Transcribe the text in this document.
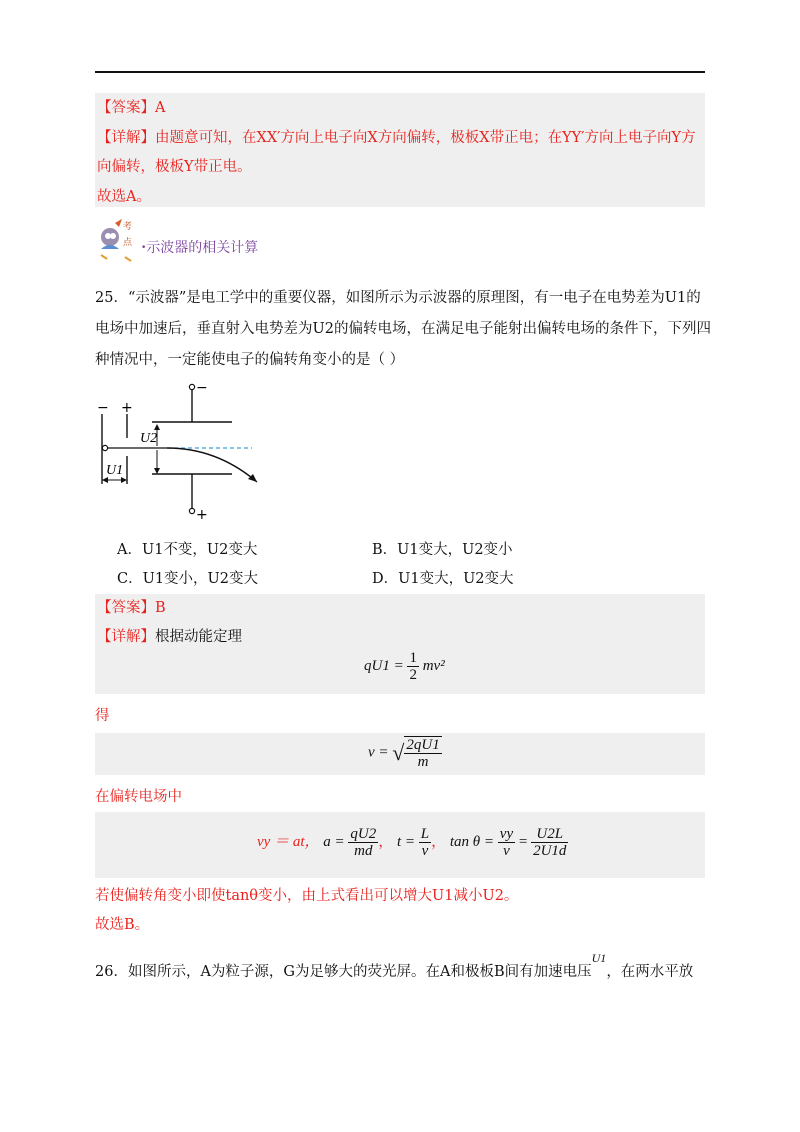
【答案】A
【详解】由题意可知，在XX′方向上电子向X方向偏转，极板X带正电；在YY′方向上电子向Y方
向偏转，极板Y带正电。
故选A。
考
点 •示波器的相关计算
25．“示波器”是电工学中的重要仪器，如图所示为示波器的原理图，有一电子在电势差为U1的
电场中加速后，垂直射入电势差为U2的偏转电场，在满足电子能射出偏转电场的条件下，下列四
种情况中，一定能使电子的偏转角变小的是（ ）
− +
−
+
U2
U1
A．U1不变，U2变大	B．U1变大，U2变小
C．U1变小，U2变大	D．U1变大，U2变大
【答案】B
【详解】根据动能定理
$qU1 = \frac{1}{2} mv^2$
得
v = √ $\frac{2qU1}{m}$
在偏转电场中
vy ＝ at， $a = \frac{qU2}{md}$ ， $t = \frac{L}{v}$ ， $\tan \theta = \frac{vy}{v} = \frac{U2L}{2U1d}$
若使偏转角变小即使tanθ变小，由上式看出可以增大U1减小U2。
故选B。
26．如图所示，A为粒子源，G为足够大的荧光屏。在A和极板B间有加速电压$^{U1}$，在两水平放
